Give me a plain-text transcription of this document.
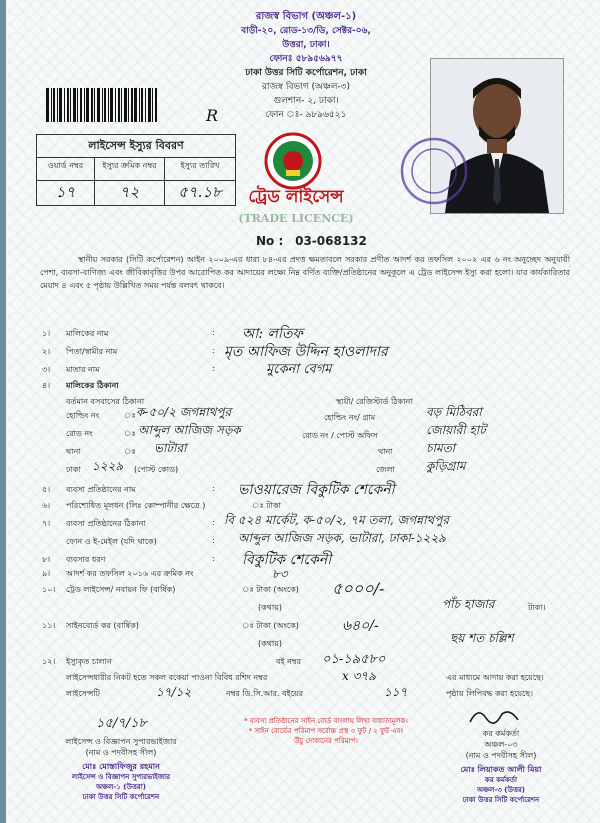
রাজস্ব বিভাগ (অঞ্চল-১)
বাড়ী-২০, রোড-১৩/ডি, সেক্টর-০৬,
উত্তরা, ঢাকা।
ফোনঃ ৫৮৯৫৬৯৭৭
ঢাকা উত্তর সিটি কর্পোরেশন, ঢাকা
রাজস্ব বিভাগ (অঞ্চল-৩)
গুলশান- ২, ঢাকা।
ফোন ঃ- ৯৮৯৬৫২১
R
লাইসেন্স ইস্যুর বিবরণ
ওয়ার্ড নম্বর	ইস্যুর ক্রমিক নম্বর	ইস্যুর তারিখ
১৭	৭২	৫৭.১৮	ট্রেড লাইসেন্স
(TRADE LICENCE)
No : 03-068132
স্থানীয় সরকার (সিটি কর্পোরেশন) আইন ২০০৯-এর ধারা ৮৪-এর প্রদত্ত ক্ষমতাবলে সরকার প্রণীত আদর্শ কর তফসিল ২০০২ এর ৬ নং অনুচ্ছেদ অনুযায়ী পেশা, ব্যবসা-বাণিজ্য এবং জীবিকাবৃত্তির উপর আরোপিত কর আদায়ের লক্ষ্যে নিম্ন বর্ণিত ব্যক্তি/প্রতিষ্ঠানের অনুকূলে এ ট্রেড লাইসেন্স ইস্যু করা হলো। যার কার্যকারিতার মেয়াদ ৪ এবং ৫ পৃষ্ঠায় উল্লিখিত সময় পর্যন্ত বলবৎ থাকবে।
১। মালিকের নাম	: আ: লতিফ
২। পিতা/স্বামীর নাম	: মৃত আফিজ উদ্দিন হাওলাদার
৩। মাতার নাম	:	মুকেনা বেগম
৪। মালিকের ঠিকানা
বর্তমান বসবাসের ঠিকানা	স্থায়ী/ রেজিস্টার্ড ঠিকানা
হোল্ডিং নং	ঃ ক-৫০/২ জগন্নাথপুর	হোল্ডিং নং/ গ্রাম	বড় মিঠিবরা
রোড নং	ঃ আব্দুল আজিজ সড়ক	রোড নং / পোস্ট অফিস	জোয়ারী হাট
থানা	ঃ ভাটারা	থানা	চামতা
ঢাকা ১২২৯ (পোস্ট কোড)	জেলা	কুড়িগ্রাম
৫। ব্যবসা প্রতিষ্ঠানের নাম	: ভাওয়ারেজ বিকুটিক শেকেনী
৬। পরিশোধিত মূলধন (লিঃ কোম্পানীর ক্ষেত্রে )	ঃ টাকা
৭। ব্যবসা প্রতিষ্ঠানের ঠিকানা	: বি ৫২৪ মার্কেট, ক-৫০/২, ৭ম তলা, জগন্নাথপুর
ফোন ও ই-মেইল (যদি থাকে)	: আব্দুল আজিজ সড়ক, ভাটারা, ঢাকা-১২২৯
৮। ব্যবসার ধরণ	: বিকুটিক শেকেনী
৯। আদর্শ কর তফসিল ২০১৬ এর ক্রমিক নং	৮৩
১০। ট্রেড লাইসেন্স/ নবায়ন ফি (বার্ষিক)	ঃ টাকা (অংকে) ৫০০০/-
(কথায়)	পাঁচ হাজার	টাকা।
১১। সাইনবোর্ড কর (বার্ষিক)	ঃ টাকা (অংকে)	৬৪০/-
(কথায়)	ছয় শত চল্লিশ
১২। ইস্যুকৃত চালান	বই নম্বর ০১-১৯৫৮০
লাইসেন্সধারীর নিকট হতে সকল বকেয়া পাওনা বিবিধ রশিদ নম্বর	x ৩৭৯	এর মাধ্যমে আদায় করা হয়েছে।
লাইসেন্সটি	১৭/১২	নম্বর ডি.সি.আর. বইয়ের	১১৭	পৃষ্ঠায় লিপিবদ্ধ করা হয়েছে।
১৫/৭/১৮
লাইসেন্স ও বিজ্ঞাপন সুপারভাইজার
(নাম ও পদবীসহ সীল)
মোঃ মোস্তাফিজুর রহমান
লাইসেন্স ও বিজ্ঞাপন সুপারভাইজার
অঞ্চল-১ (উত্তরা)
ঢাকা উত্তর সিটি কর্পোরেশন
* ব্যবসা প্রতিষ্ঠানের সাইন বোর্ড বাংলায় লিখা বাধ্যতামূলক।
* সাইন বোর্ডের পরিমাপ সর্বোচ্চ প্রস্থ ৩ ফুট / ২ ফুট এবং
উঁচু দোকানের পরিমাপ।
কর কর্মকর্তা
অঞ্চল-০৩
(নাম ও পদবীসহ সীল)
মোঃ লিয়াকত আলী মিয়া
কর কর্মকর্তা
অঞ্চল-৩ (উত্তর)
ঢাকা উত্তর সিটি কর্পোরেশন
